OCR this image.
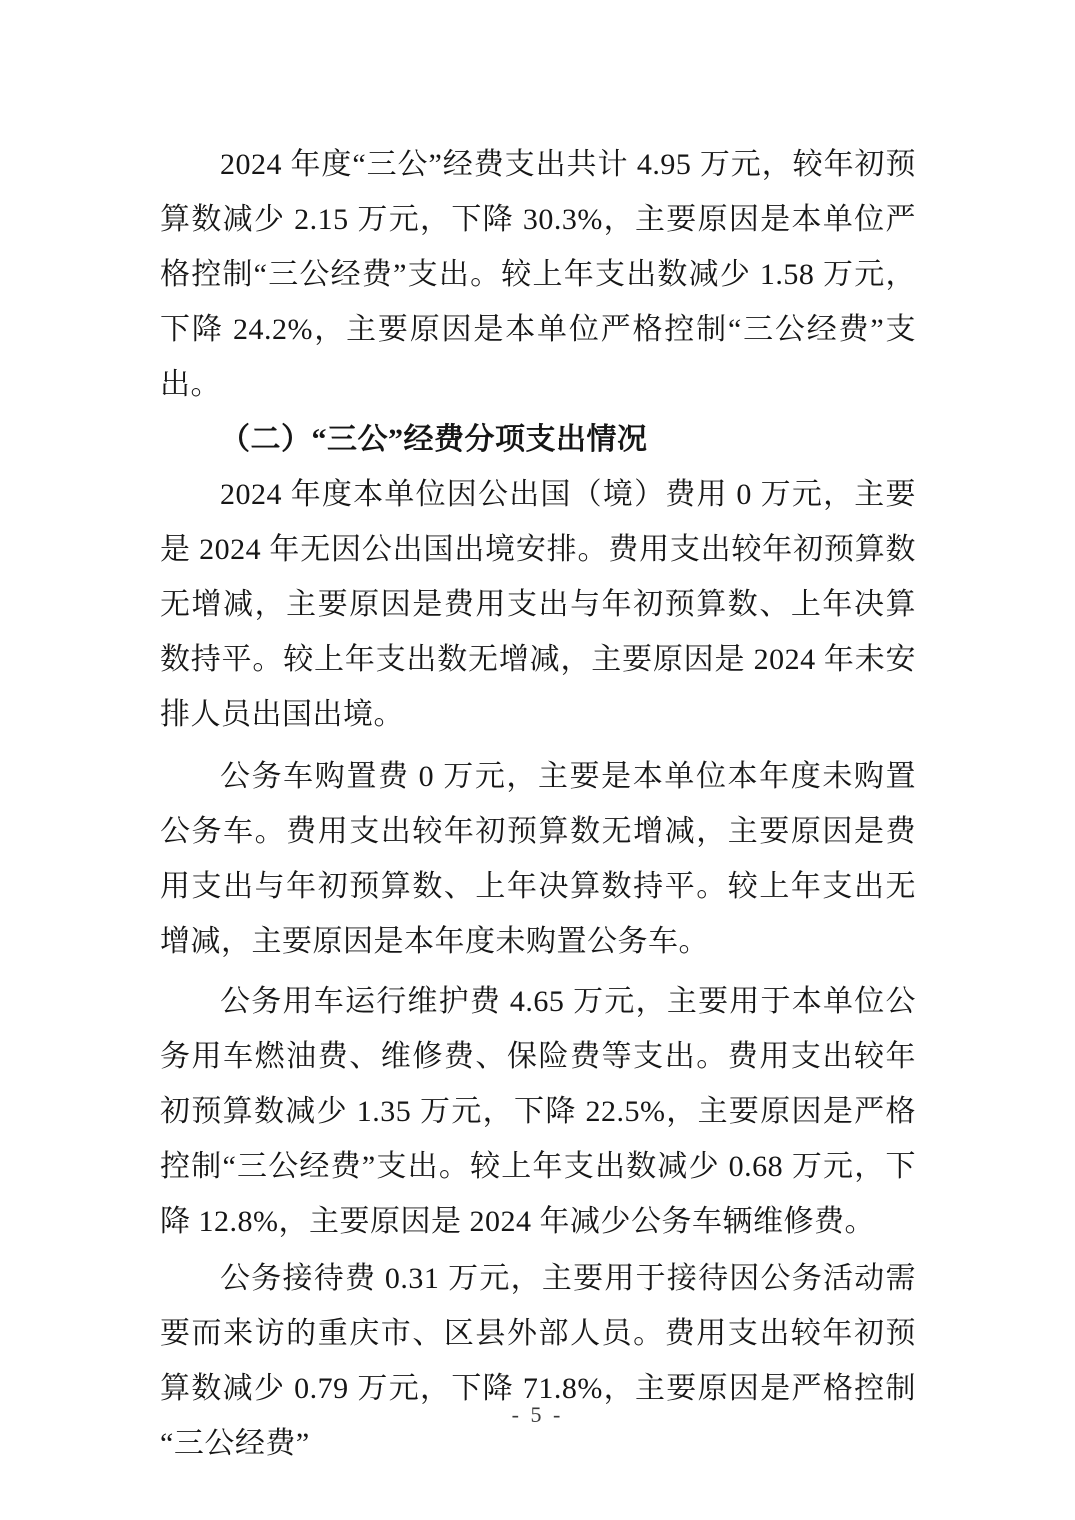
2024 年度“三公”经费支出共计 4.95 万元，较年初预算数减少 2.15 万元，下降 30.3%，主要原因是本单位严格控制“三公经费”支出。较上年支出数减少 1.58 万元，下降 24.2%，主要原因是本单位严格控制“三公经费”支出。

（二）“三公”经费分项支出情况

2024 年度本单位因公出国（境）费用 0 万元，主要是 2024 年无因公出国出境安排。费用支出较年初预算数无增减，主要原因是费用支出与年初预算数、上年决算数持平。较上年支出数无增减，主要原因是 2024 年未安排人员出国出境。

公务车购置费 0 万元，主要是本单位本年度未购置公务车。费用支出较年初预算数无增减，主要原因是费用支出与年初预算数、上年决算数持平。较上年支出无增减，主要原因是本年度未购置公务车。

公务用车运行维护费 4.65 万元，主要用于本单位公务用车燃油费、维修费、保险费等支出。费用支出较年初预算数减少 1.35 万元，下降 22.5%，主要原因是严格控制“三公经费”支出。较上年支出数减少 0.68 万元，下降 12.8%，主要原因是 2024 年减少公务车辆维修费。

公务接待费 0.31 万元，主要用于接待因公务活动需要而来访的重庆市、区县外部人员。费用支出较年初预算数减少 0.79 万元，下降 71.8%，主要原因是严格控制“三公经费”

- 5 -
